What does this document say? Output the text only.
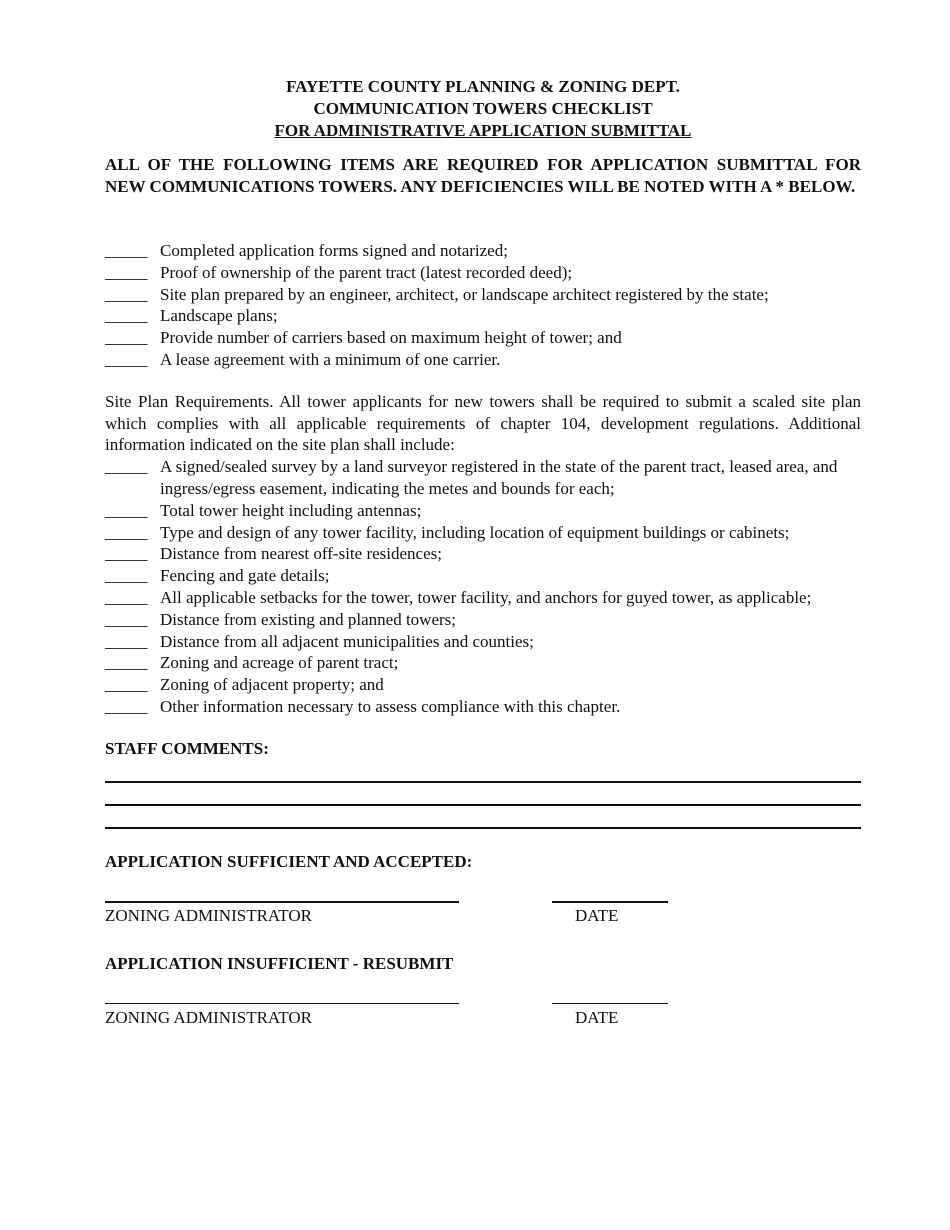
FAYETTE COUNTY PLANNING & ZONING DEPT.
COMMUNICATION TOWERS CHECKLIST
FOR ADMINISTRATIVE APPLICATION SUBMITTAL
ALL OF THE FOLLOWING ITEMS ARE REQUIRED FOR APPLICATION SUBMITTAL FOR NEW COMMUNICATIONS TOWERS. ANY DEFICIENCIES WILL BE NOTED WITH A * BELOW.
_____ Completed application forms signed and notarized;
_____ Proof of ownership of the parent tract (latest recorded deed);
_____ Site plan prepared by an engineer, architect, or landscape architect registered by the state;
_____ Landscape plans;
_____ Provide number of carriers based on maximum height of tower; and
_____ A lease agreement with a minimum of one carrier.
Site Plan Requirements. All tower applicants for new towers shall be required to submit a scaled site plan which complies with all applicable requirements of chapter 104, development regulations. Additional information indicated on the site plan shall include:
_____ A signed/sealed survey by a land surveyor registered in the state of the parent tract, leased area, and ingress/egress easement, indicating the metes and bounds for each;
_____ Total tower height including antennas;
_____ Type and design of any tower facility, including location of equipment buildings or cabinets;
_____ Distance from nearest off-site residences;
_____ Fencing and gate details;
_____ All applicable setbacks for the tower, tower facility, and anchors for guyed tower, as applicable;
_____ Distance from existing and planned towers;
_____ Distance from all adjacent municipalities and counties;
_____ Zoning and acreage of parent tract;
_____ Zoning of adjacent property; and
_____ Other information necessary to assess compliance with this chapter.
STAFF COMMENTS:
APPLICATION SUFFICIENT AND ACCEPTED:
ZONING ADMINISTRATOR	DATE
APPLICATION INSUFFICIENT - RESUBMIT
ZONING ADMINISTRATOR	DATE
